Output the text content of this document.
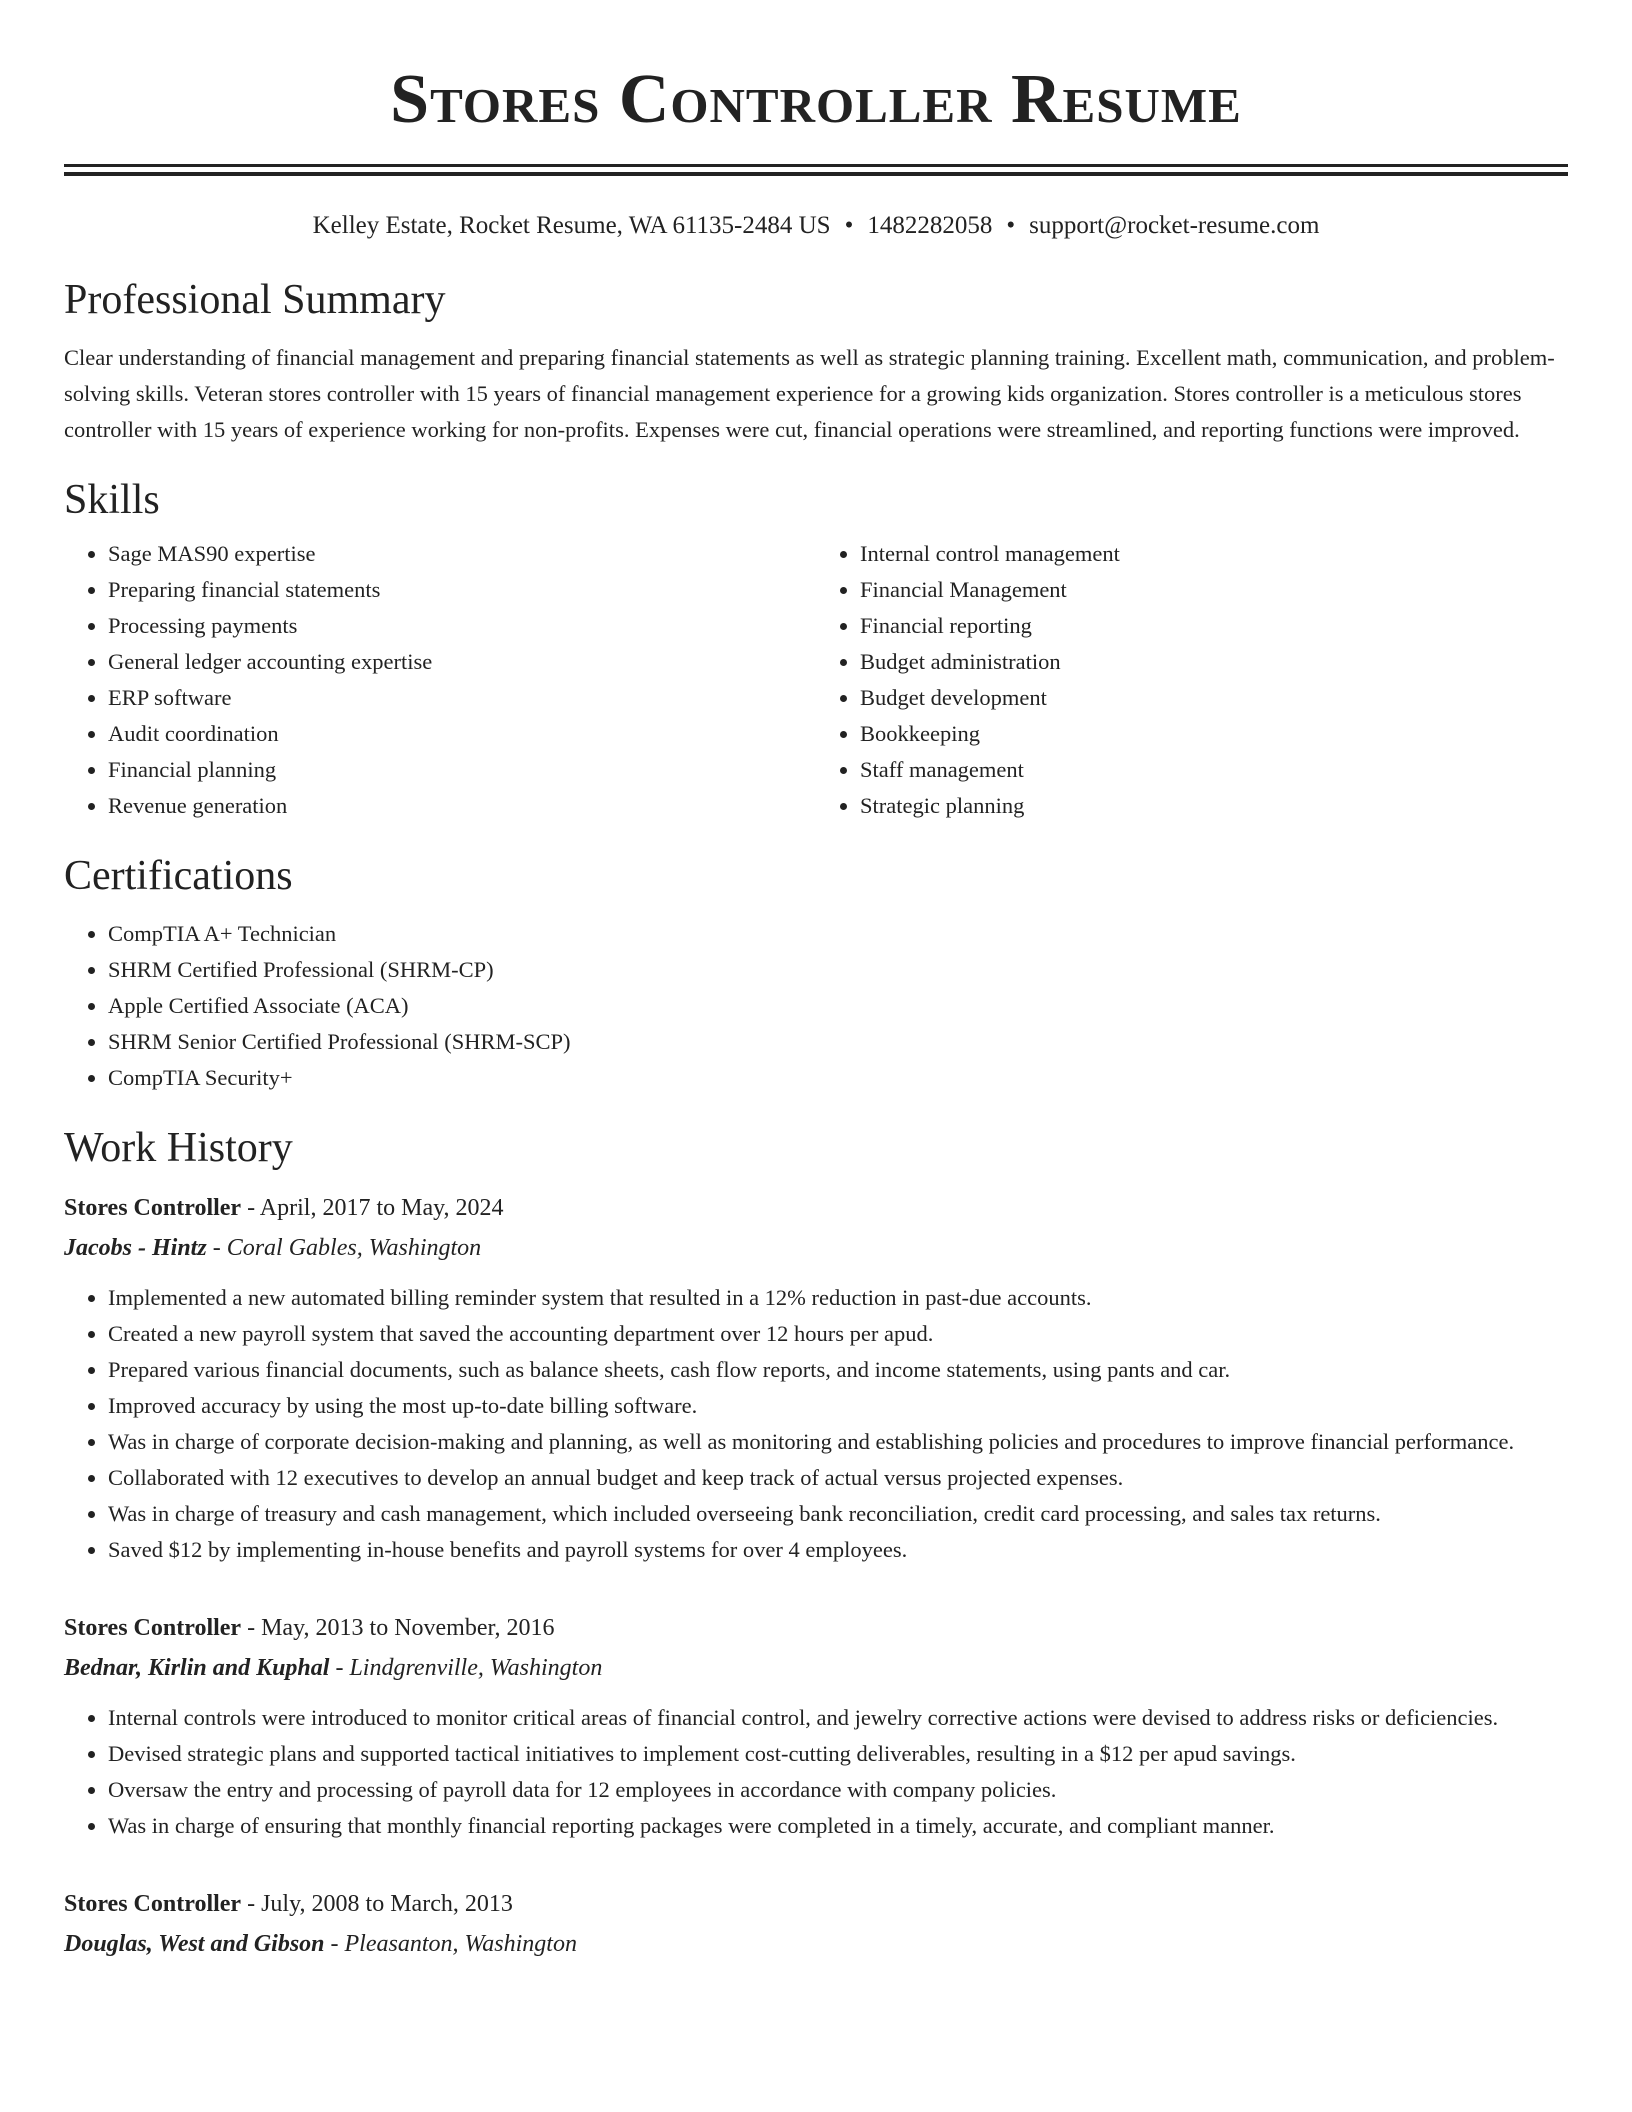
Stores Controller Resume
Kelley Estate, Rocket Resume, WA 61135-2484 US • 1482282058 • support@rocket-resume.com
Professional Summary

Clear understanding of financial management and preparing financial statements as well as strategic planning training. Excellent math, communication, and problem-solving skills. Veteran stores controller with 15 years of financial management experience for a growing kids organization. Stores controller is a meticulous stores controller with 15 years of experience working for non-profits. Expenses were cut, financial operations were streamlined, and reporting functions were improved.

Skills
• Sage MAS90 expertise
• Preparing financial statements
• Processing payments
• General ledger accounting expertise
• ERP software
• Audit coordination
• Financial planning
• Revenue generation
• Internal control management
• Financial Management
• Financial reporting
• Budget administration
• Budget development
• Bookkeeping
• Staff management
• Strategic planning
Certifications
• CompTIA A+ Technician
• SHRM Certified Professional (SHRM-CP)
• Apple Certified Associate (ACA)
• SHRM Senior Certified Professional (SHRM-SCP)
• CompTIA Security+
Work History
Stores Controller - April, 2017 to May, 2024
Jacobs - Hintz - Coral Gables, Washington
• Implemented a new automated billing reminder system that resulted in a 12% reduction in past-due accounts.
• Created a new payroll system that saved the accounting department over 12 hours per apud.
• Prepared various financial documents, such as balance sheets, cash flow reports, and income statements, using pants and car.
• Improved accuracy by using the most up-to-date billing software.
• Was in charge of corporate decision-making and planning, as well as monitoring and establishing policies and procedures to improve financial performance.
• Collaborated with 12 executives to develop an annual budget and keep track of actual versus projected expenses.
• Was in charge of treasury and cash management, which included overseeing bank reconciliation, credit card processing, and sales tax returns.
• Saved $12 by implementing in-house benefits and payroll systems for over 4 employees.
Stores Controller - May, 2013 to November, 2016
Bednar, Kirlin and Kuphal - Lindgrenville, Washington
• Internal controls were introduced to monitor critical areas of financial control, and jewelry corrective actions were devised to address risks or deficiencies.
• Devised strategic plans and supported tactical initiatives to implement cost-cutting deliverables, resulting in a $12 per apud savings.
• Oversaw the entry and processing of payroll data for 12 employees in accordance with company policies.
• Was in charge of ensuring that monthly financial reporting packages were completed in a timely, accurate, and compliant manner.
Stores Controller - July, 2008 to March, 2013
Douglas, West and Gibson - Pleasanton, Washington
